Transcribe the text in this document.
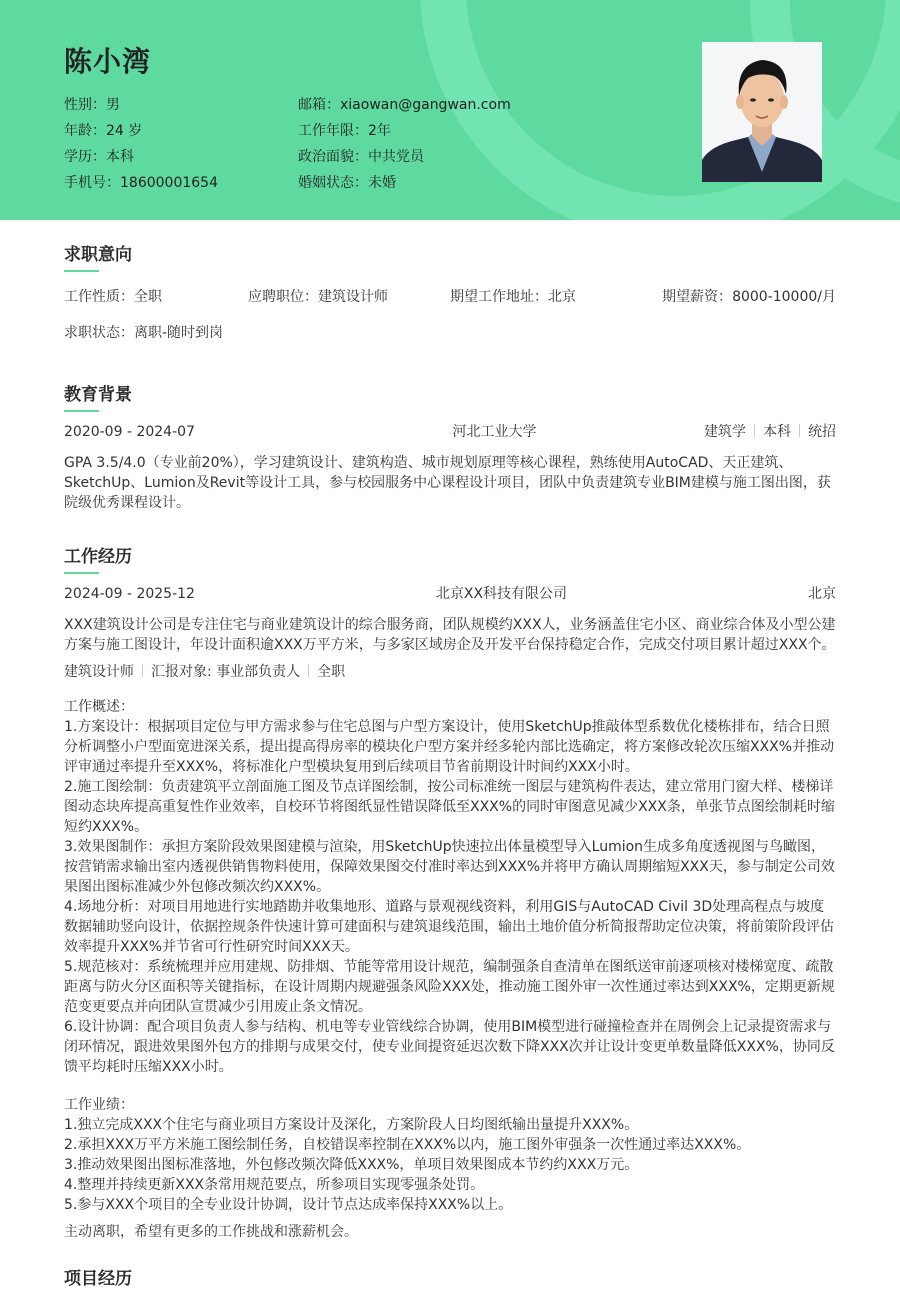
陈小湾
性别：男	邮箱：xiaowan@gangwan.com
年龄：24 岁	工作年限：2年
学历：本科	政治面貌：中共党员
手机号：18600001654	婚姻状态：未婚
求职意向
工作性质：全职	应聘职位：建筑设计师	期望工作地址：北京	期望薪资：8000-10000/月
求职状态：离职-随时到岗
教育背景
2020-09 - 2024-07	河北工业大学	建筑学 本科 统招

GPA 3.5/4.0（专业前20%），学习建筑设计、建筑构造、城市规划原理等核心课程，熟练使用AutoCAD、天正建筑、SketchUp、Lumion及Revit等设计工具，参与校园服务中心课程设计项目，团队中负责建筑专业BIM建模与施工图出图，获院级优秀课程设计。

工作经历
2024-09 - 2025-12	北京XX科技有限公司	北京

XXX建筑设计公司是专注住宅与商业建筑设计的综合服务商，团队规模约XXX人，业务涵盖住宅小区、商业综合体及小型公建方案与施工图设计，年设计面积逾XXX万平方米，与多家区域房企及开发平台保持稳定合作，完成交付项目累计超过XXX个。

建筑设计师 汇报对象: 事业部负责人 全职
工作概述：
1.方案设计：根据项目定位与甲方需求参与住宅总图与户型方案设计，使用SketchUp推敲体型系数优化楼栋排布，结合日照分析调整小户型面宽进深关系，提出提高得房率的模块化户型方案并经多轮内部比选确定，将方案修改轮次压缩XXX%并推动评审通过率提升至XXX%，将标准化户型模块复用到后续项目节省前期设计时间约XXX小时。
2.施工图绘制：负责建筑平立剖面施工图及节点详图绘制，按公司标准统一图层与建筑构件表达，建立常用门窗大样、楼梯详图动态块库提高重复性作业效率，自校环节将图纸显性错误降低至XXX%的同时审图意见减少XXX条，单张节点图绘制耗时缩短约XXX%。
3.效果图制作：承担方案阶段效果图建模与渲染，用SketchUp快速拉出体量模型导入Lumion生成多角度透视图与鸟瞰图，按营销需求输出室内透视供销售物料使用，保障效果图交付准时率达到XXX%并将甲方确认周期缩短XXX天，参与制定公司效果图出图标准减少外包修改频次约XXX%。
4.场地分析：对项目用地进行实地踏勘并收集地形、道路与景观视线资料，利用GIS与AutoCAD Civil 3D处理高程点与坡度数据辅助竖向设计，依据控规条件快速计算可建面积与建筑退线范围，输出土地价值分析简报帮助定位决策，将前策阶段评估效率提升XXX%并节省可行性研究时间XXX天。
5.规范核对：系统梳理并应用建规、防排烟、节能等常用设计规范，编制强条自查清单在图纸送审前逐项核对楼梯宽度、疏散距离与防火分区面积等关键指标，在设计周期内规避强条风险XXX处，推动施工图外审一次性通过率达到XXX%，定期更新规范变更要点并向团队宣贯减少引用废止条文情况。
6.设计协调：配合项目负责人参与结构、机电等专业管线综合协调，使用BIM模型进行碰撞检查并在周例会上记录提资需求与闭环情况，跟进效果图外包方的排期与成果交付，使专业间提资延迟次数下降XXX次并让设计变更单数量降低XXX%，协同反馈平均耗时压缩XXX小时。
工作业绩：
1.独立完成XXX个住宅与商业项目方案设计及深化，方案阶段人日均图纸输出量提升XXX%。
2.承担XXX万平方米施工图绘制任务，自校错误率控制在XXX%以内，施工图外审强条一次性通过率达XXX%。
3.推动效果图出图标准落地，外包修改频次降低XXX%，单项目效果图成本节约约XXX万元。
4.整理并持续更新XXX条常用规范要点，所参项目实现零强条处罚。
5.参与XXX个项目的全专业设计协调，设计节点达成率保持XXX%以上。

主动离职，希望有更多的工作挑战和涨薪机会。

项目经历
